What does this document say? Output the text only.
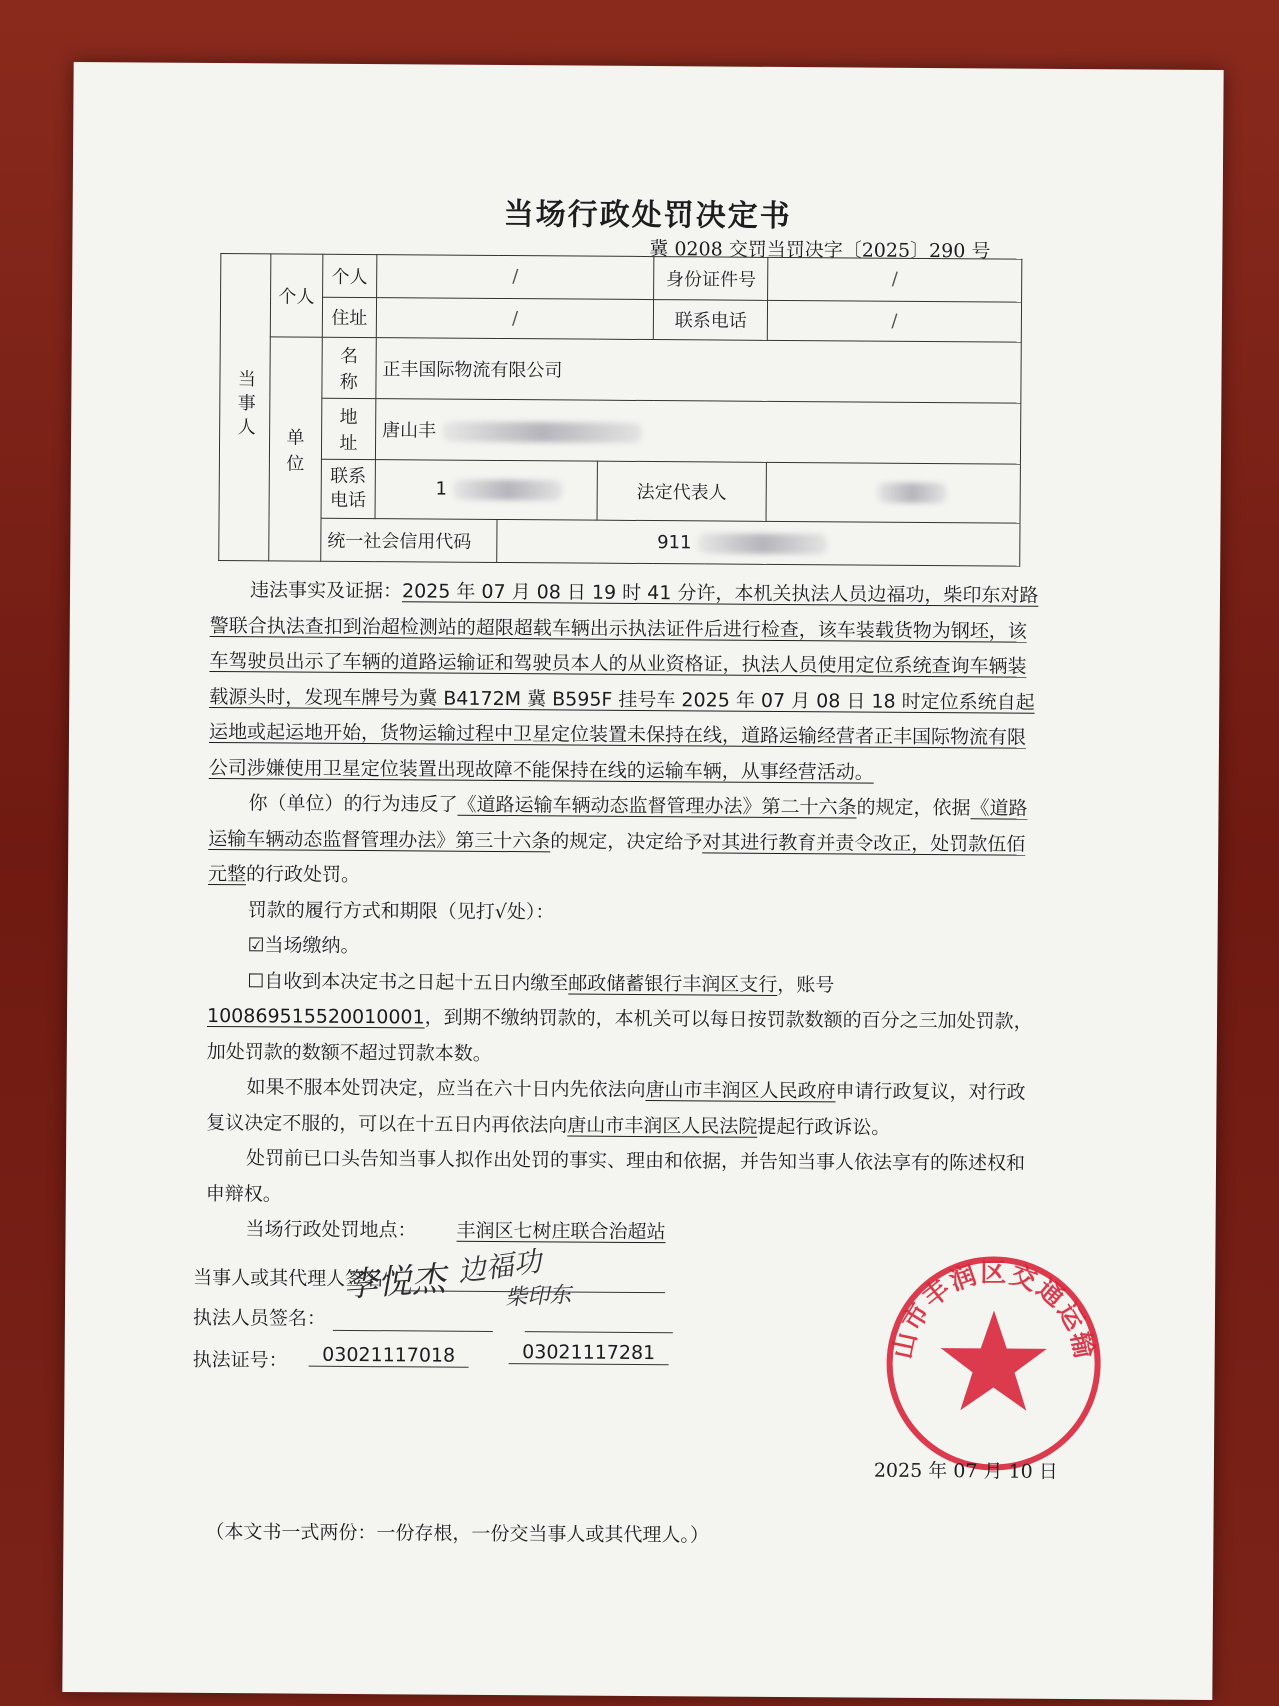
当场行政处罚决定书
冀 0208 交罚当罚决字〔2025〕290 号
当事人	个人	个人	/			身份证件号	/
		住址	/			联系电话	/
	单 位	名 称	正丰国际物流有限公司				
		地 址	唐山丰				
		联系电话	1		法定代表人		
		统一社会信用代码		911			
违法事实及证据：2025 年 07 月 08 日 19 时 41 分许，本机关执法人员边福功，柴印东对路警联合执法查扣到治超检测站的超限超载车辆出示执法证件后进行检查，该车装载货物为钢坯，该车驾驶员出示了车辆的道路运输证和驾驶员本人的从业资格证，执法人员使用定位系统查询车辆装载源头时，发现车牌号为冀 B4172M 冀 B595F 挂号车 2025 年 07 月 08 日 18 时定位系统自起运地或起运地开始，货物运输过程中卫星定位装置未保持在线，道路运输经营者正丰国际物流有限公司涉嫌使用卫星定位装置出现故障不能保持在线的运输车辆，从事经营活动。
你（单位）的行为违反了《道路运输车辆动态监督管理办法》第二十六条的规定，依据《道路运输车辆动态监督管理办法》第三十六条的规定，决定给予对其进行教育并责令改正，处罚款伍佰元整的行政处罚。
罚款的履行方式和期限（见打√处）：
☑当场缴纳。
☐自收到本决定书之日起十五日内缴至邮政储蓄银行丰润区支行，账号100869515520010001，到期不缴纳罚款的，本机关可以每日按罚款数额的百分之三加处罚款，加处罚款的数额不超过罚款本数。
如果不服本处罚决定，应当在六十日内先依法向唐山市丰润区人民政府申请行政复议，对行政复议决定不服的，可以在十五日内再依法向唐山市丰润区人民法院提起行政诉讼。
处罚前已口头告知当事人拟作出处罚的事实、理由和依据，并告知当事人依法享有的陈述权和申辩权。
当场行政处罚地点： 丰润区七树庄联合治超站
当事人或其代理人签名：
李悦杰
执法人员签名：
边福功
柴印东
执法证号：	03021117018	03021117281
唐山市丰润区交通运输局
2025 年 07 月 10 日
（本文书一式两份：一份存根，一份交当事人或其代理人。）
